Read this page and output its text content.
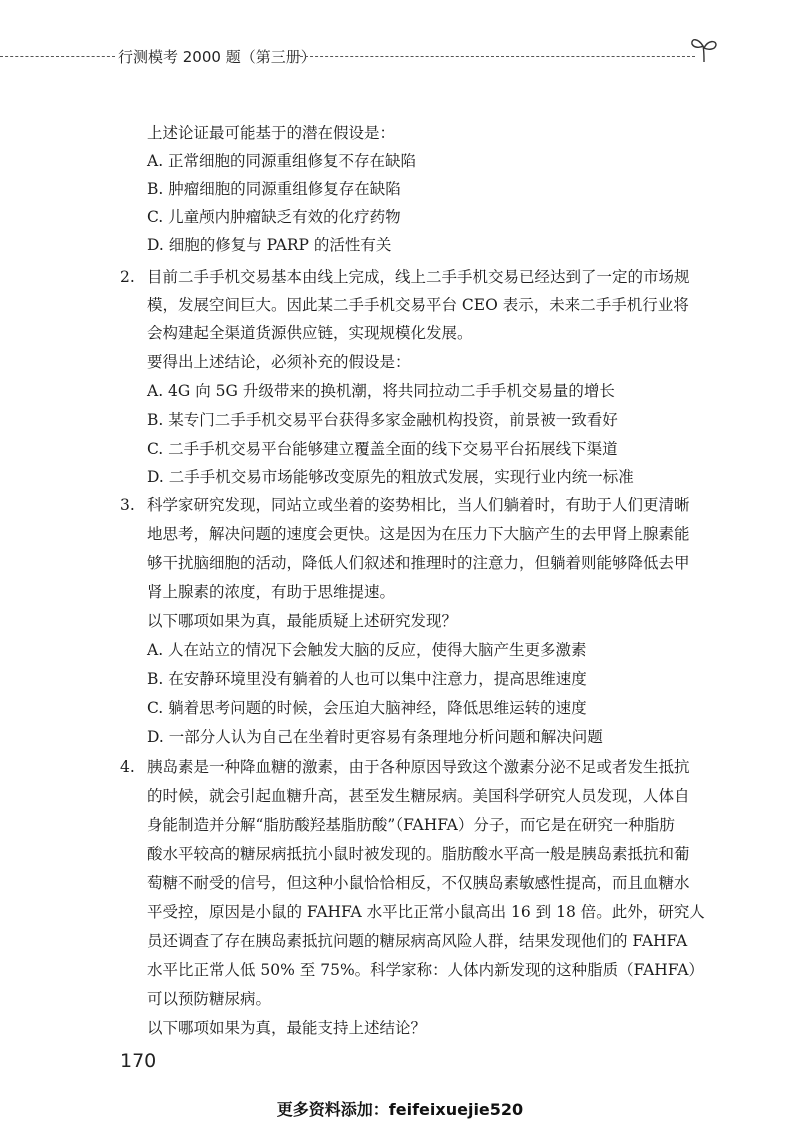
行测模考 2000 题（第三册）
上述论证最可能基于的潜在假设是：
A. 正常细胞的同源重组修复不存在缺陷
B. 肿瘤细胞的同源重组修复存在缺陷
C. 儿童颅内肿瘤缺乏有效的化疗药物
D. 细胞的修复与 PARP 的活性有关
2. 目前二手手机交易基本由线上完成，线上二手手机交易已经达到了一定的市场规
模，发展空间巨大。因此某二手手机交易平台 CEO 表示，未来二手手机行业将
会构建起全渠道货源供应链，实现规模化发展。
要得出上述结论，必须补充的假设是：
A. 4G 向 5G 升级带来的换机潮，将共同拉动二手手机交易量的增长
B. 某专门二手手机交易平台获得多家金融机构投资，前景被一致看好
C. 二手手机交易平台能够建立覆盖全面的线下交易平台拓展线下渠道
D. 二手手机交易市场能够改变原先的粗放式发展，实现行业内统一标准
3. 科学家研究发现，同站立或坐着的姿势相比，当人们躺着时，有助于人们更清晰
地思考，解决问题的速度会更快。这是因为在压力下大脑产生的去甲肾上腺素能
够干扰脑细胞的活动，降低人们叙述和推理时的注意力，但躺着则能够降低去甲
肾上腺素的浓度，有助于思维提速。
以下哪项如果为真，最能质疑上述研究发现？
A. 人在站立的情况下会触发大脑的反应，使得大脑产生更多激素
B. 在安静环境里没有躺着的人也可以集中注意力，提高思维速度
C. 躺着思考问题的时候，会压迫大脑神经，降低思维运转的速度
D. 一部分人认为自己在坐着时更容易有条理地分析问题和解决问题
4. 胰岛素是一种降血糖的激素，由于各种原因导致这个激素分泌不足或者发生抵抗
的时候，就会引起血糖升高，甚至发生糖尿病。美国科学研究人员发现，人体自
身能制造并分解“脂肪酸羟基脂肪酸”（FAHFA）分子，而它是在研究一种脂肪
酸水平较高的糖尿病抵抗小鼠时被发现的。脂肪酸水平高一般是胰岛素抵抗和葡
萄糖不耐受的信号，但这种小鼠恰恰相反，不仅胰岛素敏感性提高，而且血糖水
平受控，原因是小鼠的 FAHFA 水平比正常小鼠高出 16 到 18 倍。此外，研究人
员还调查了存在胰岛素抵抗问题的糖尿病高风险人群，结果发现他们的 FAHFA
水平比正常人低 50% 至 75%。科学家称：人体内新发现的这种脂质（FAHFA）
可以预防糖尿病。
以下哪项如果为真，最能支持上述结论？
170
更多资料添加：feifeixuejie520
